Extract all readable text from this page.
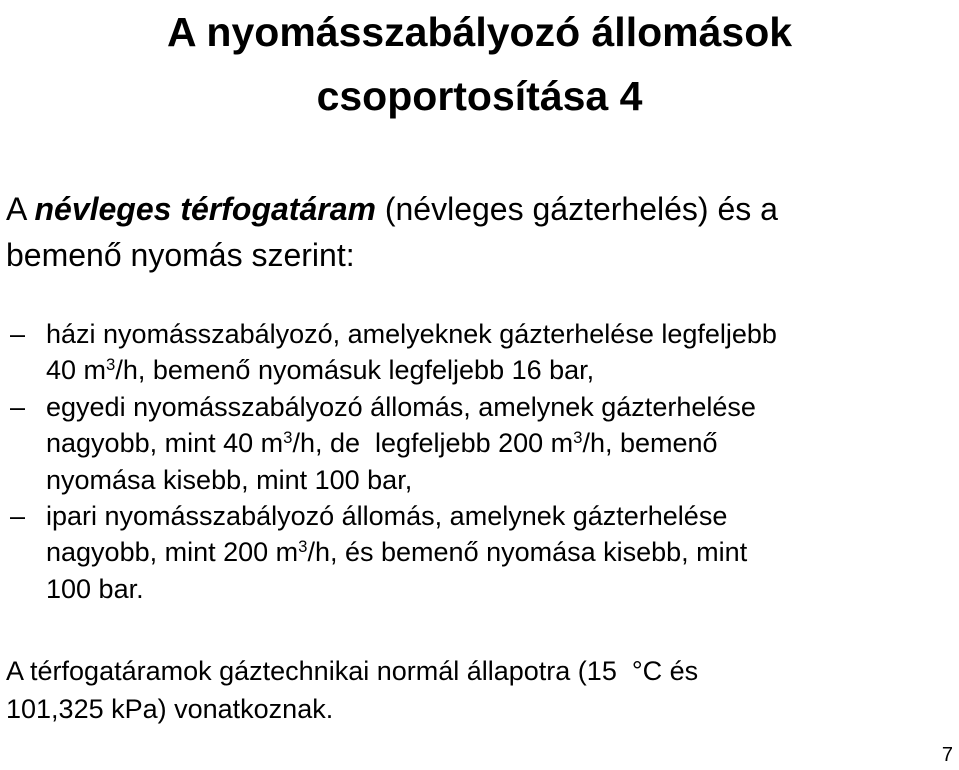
A nyomásszabályozó állomások
csoportosítása 4

A névleges térfogatáram (névleges gázterhelés) és a
bemenő nyomás szerint:

– házi nyomásszabályozó, amelyeknek gázterhelése legfeljebb
40 $m^3/h$, bemenő nyomásuk legfeljebb 16 bar,
– egyedi nyomásszabályozó állomás, amelynek gázterhelése
nagyobb, mint 40 $m^3/h$, de  legfeljebb 200 $m^3/h$, bemenő
nyomása kisebb, mint 100 bar,
– ipari nyomásszabályozó állomás, amelynek gázterhelése
nagyobb, mint 200 $m^3/h$, és bemenő nyomása kisebb, mint
100 bar.

A térfogatáramok gáztechnikai normál állapotra (15  °C és
101,325 kPa) vonatkoznak.

7
